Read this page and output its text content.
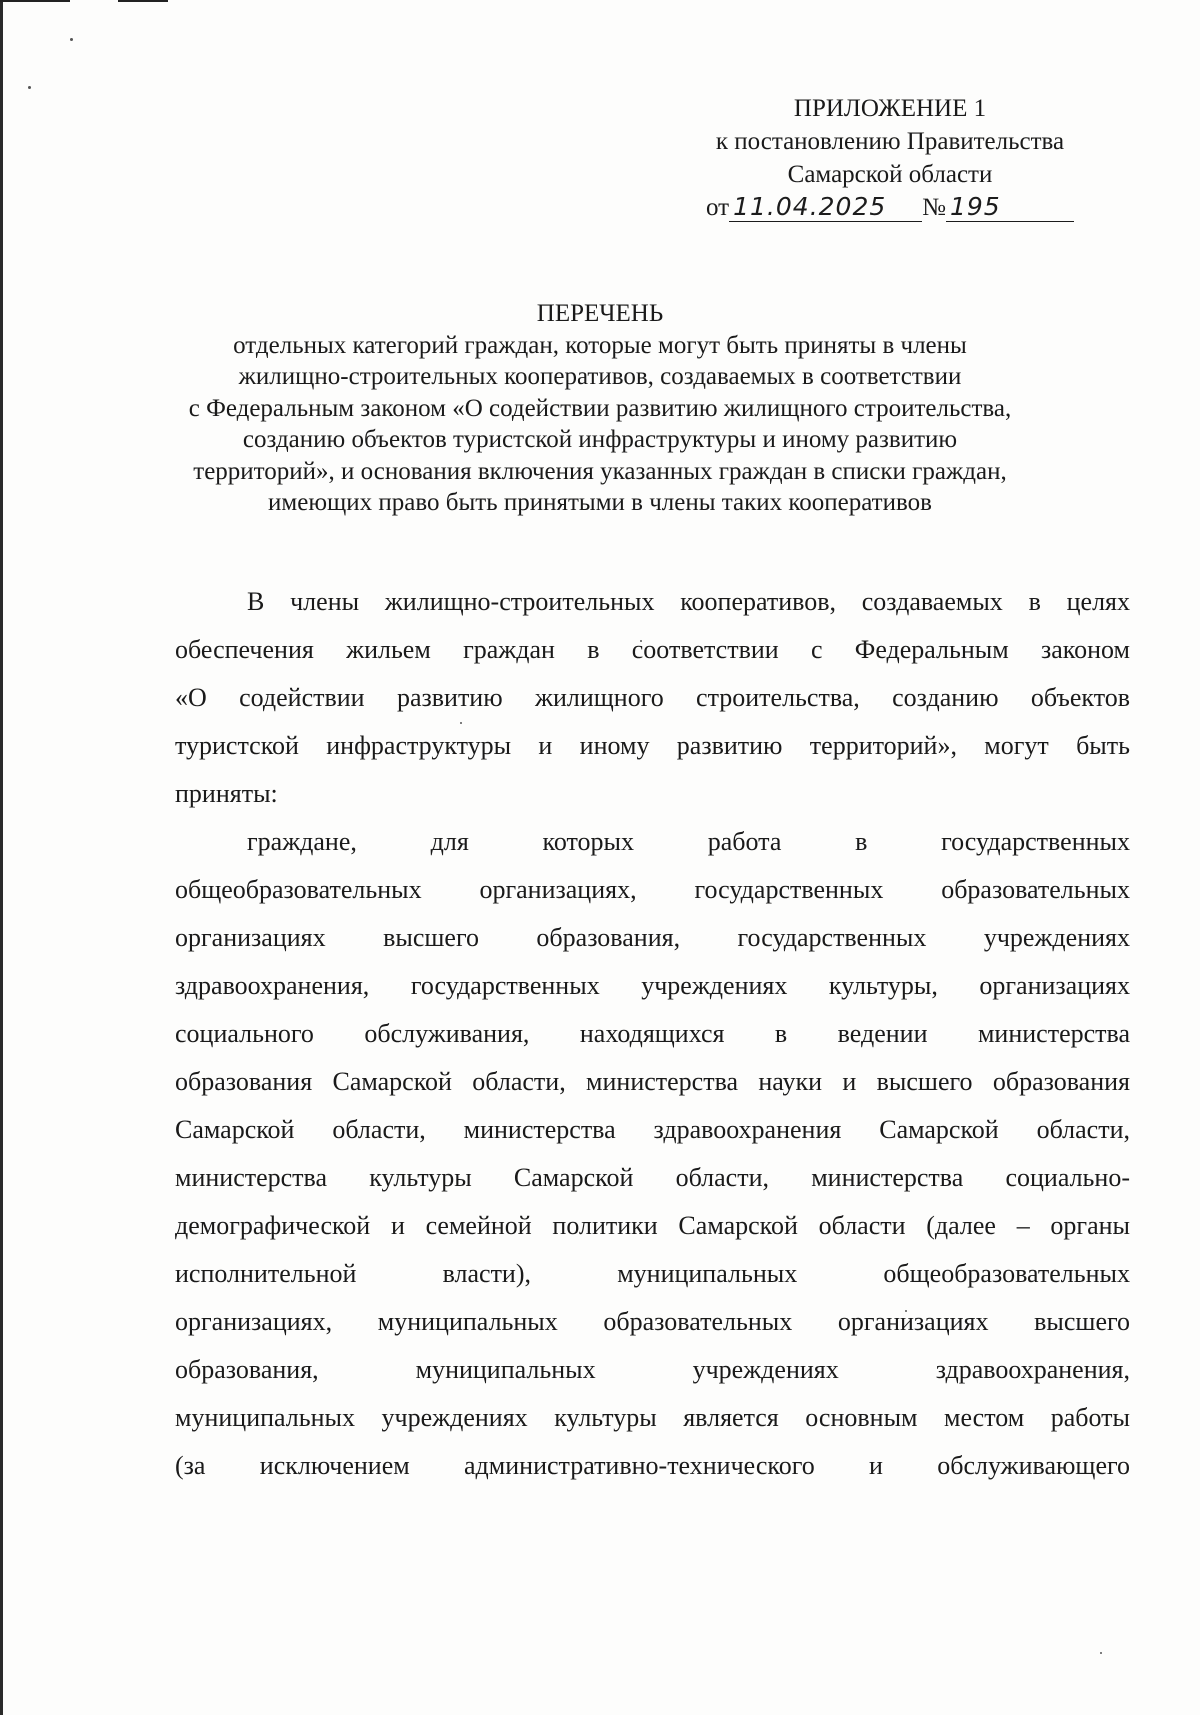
ПРИЛОЖЕНИЕ 1
к постановлению Правительства
Самарской области
от 11.04.2025	№ 195
ПЕРЕЧЕНЬ
отдельных категорий граждан, которые могут быть приняты в члены
жилищно-строительных кооперативов, создаваемых в соответствии
с Федеральным законом «О содействии развитию жилищного строительства,
созданию объектов туристской инфраструктуры и иному развитию
территорий», и основания включения указанных граждан в списки граждан,
имеющих право быть принятыми в члены таких кооперативов
В члены жилищно-строительных кооперативов, создаваемых в целях
обеспечения жильем граждан в соответствии с Федеральным законом
«О содействии развитию жилищного строительства, созданию объектов
туристской инфраструктуры и иному развитию территорий», могут быть
приняты:
граждане, для которых работа в государственных
общеобразовательных организациях, государственных образовательных
организациях высшего образования, государственных учреждениях
здравоохранения, государственных учреждениях культуры, организациях
социального обслуживания, находящихся в ведении министерства
образования Самарской области, министерства науки и высшего образования
Самарской области, министерства здравоохранения Самарской области,
министерства культуры Самарской области, министерства социально-
демографической и семейной политики Самарской области (далее – органы
исполнительной власти), муниципальных общеобразовательных
организациях, муниципальных образовательных организациях высшего
образования, муниципальных учреждениях здравоохранения,
муниципальных учреждениях культуры является основным местом работы
(за исключением административно-технического и обслуживающего
